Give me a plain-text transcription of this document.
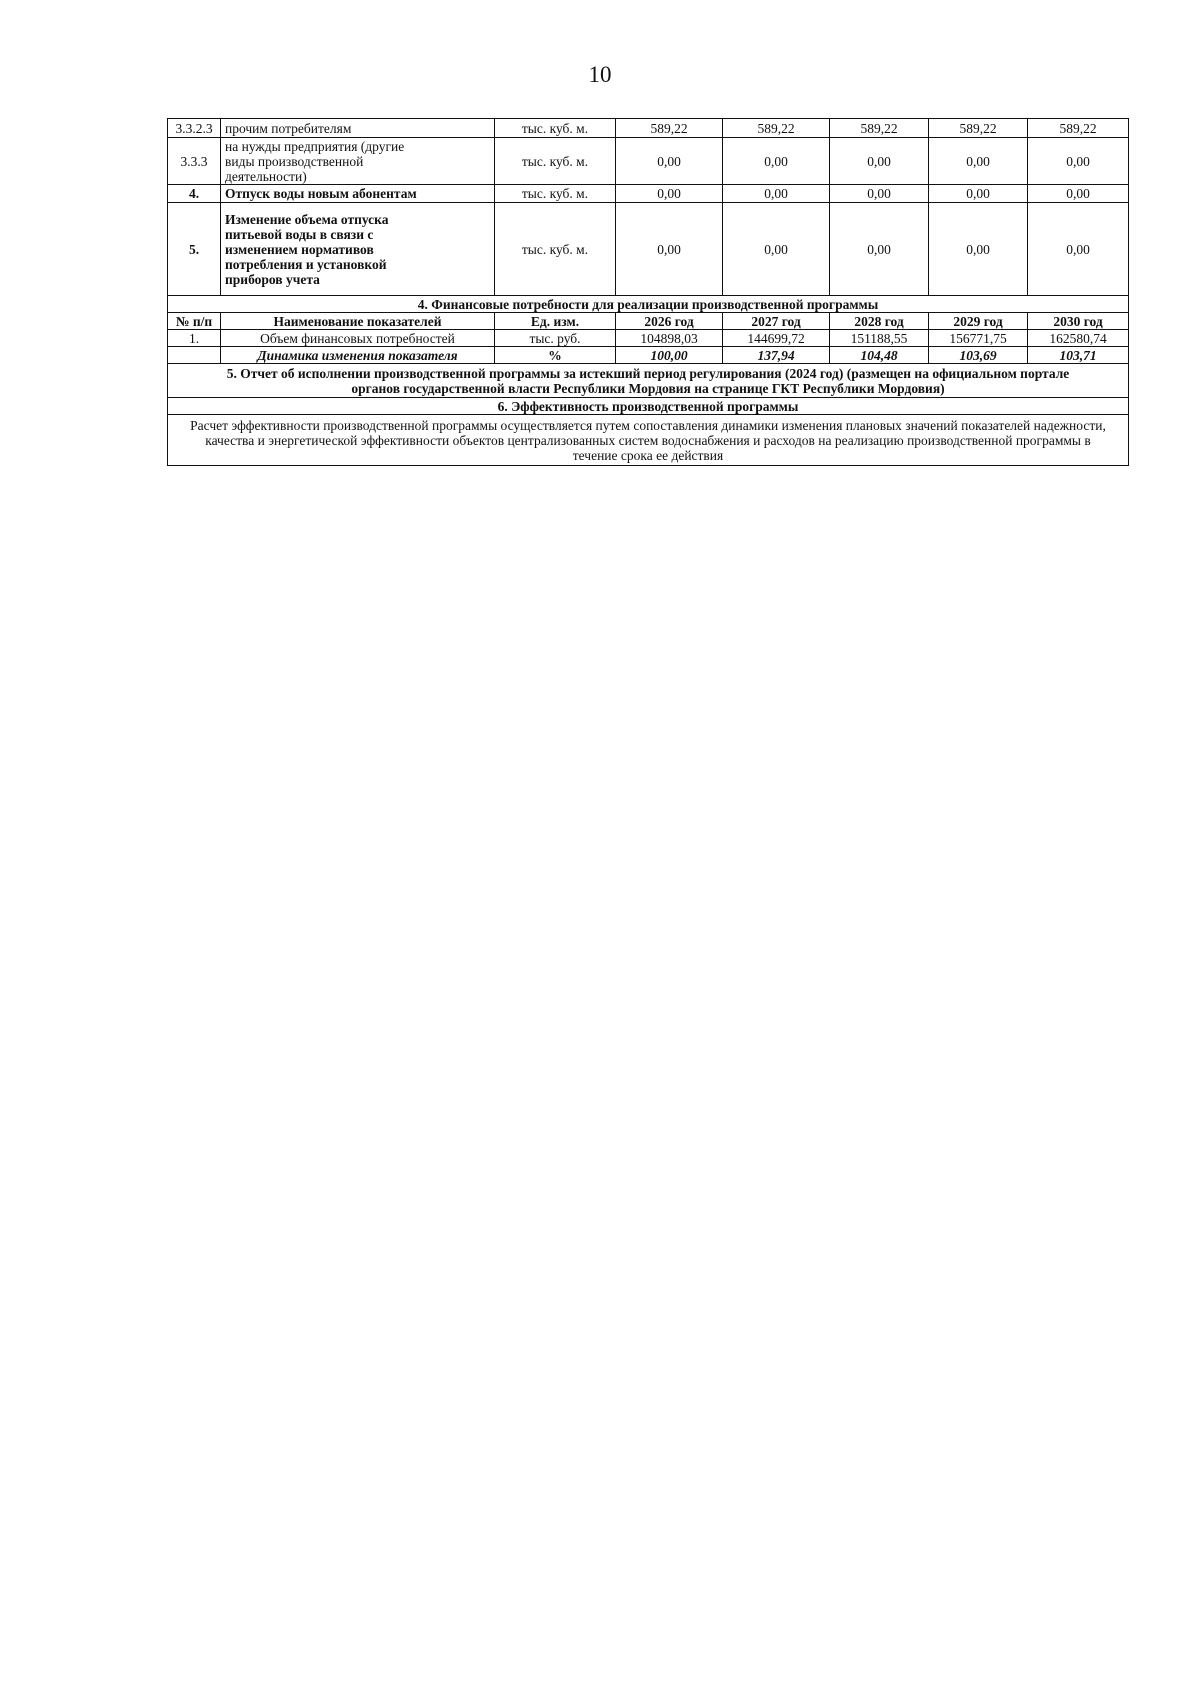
10
3.3.2.3	прочим потребителям	тыс. куб. м.	589,22	589,22	589,22	589,22	589,22
3.3.3	на нужды предприятия (другие
виды производственной
деятельности)	тыс. куб. м.	0,00	0,00	0,00	0,00	0,00
4.	Отпуск воды новым абонентам	тыс. куб. м.	0,00	0,00	0,00	0,00	0,00
5.	Изменение объема отпуска
питьевой воды в связи с
изменением нормативов
потребления и установкой
приборов учета	тыс. куб. м.	0,00	0,00	0,00	0,00	0,00
4. Финансовые потребности для реализации производственной программы							
№ п/п	Наименование показателей	Ед. изм.	2026 год	2027 год	2028 год	2029 год	2030 год
1.	Объем финансовых потребностей	тыс. руб.	104898,03	144699,72	151188,55	156771,75	162580,74
	Динамика изменения показателя	%	100,00	137,94	104,48	103,69	103,71
5. Отчет об исполнении производственной программы за истекший период регулирования (2024 год) (размещен на официальном портале органов государственной власти Республики Мордовия на странице ГКТ Республики Мордовия)							
6. Эффективность производственной программы							
Расчет эффективности производственной программы осуществляется путем сопоставления динамики изменения плановых значений показателей надежности, качества и энергетической эффективности объектов централизованных систем водоснабжения и расходов на реализацию производственной программы в течение срока ее действия							
